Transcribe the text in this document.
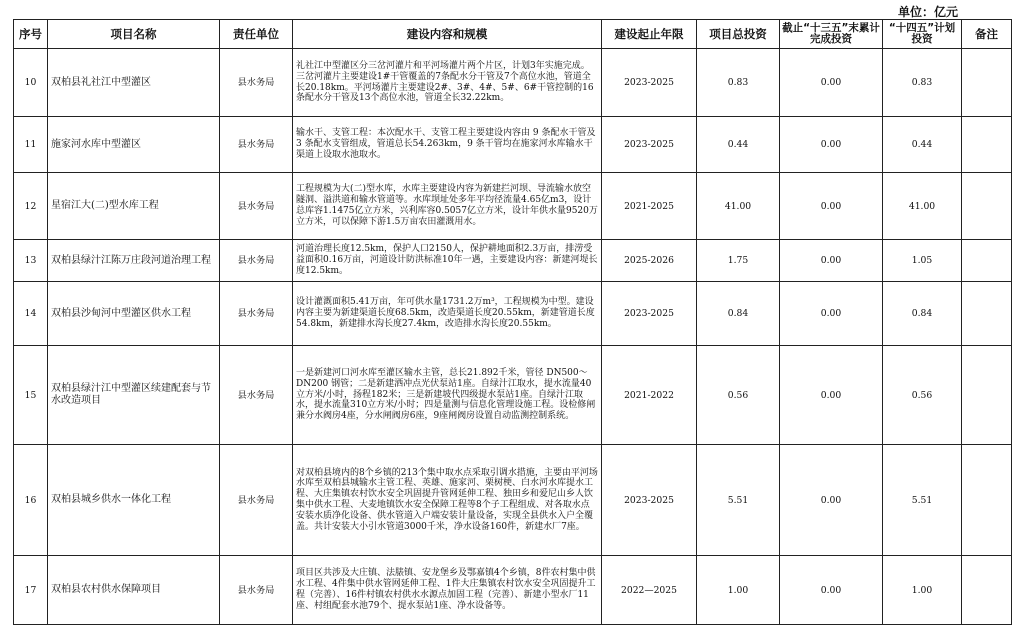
单位：亿元
序号	项目名称	责任单位	建设内容和规模	建设起止年限	项目总投资	截止“十三五”末累计完成投资	“十四五”计划投资	备注
10	双柏县礼社江中型灌区	县水务局	礼社江中型灌区分三岔河灌片和平河场灌片两个片区，计划3年实施完成。三岔河灌片主要建设1#干管覆盖的7条配水分干管及7个高位水池，管道全长20.18km。平河场灌片主要建设2#、3#、4#、5#、6#干管控制的16条配水分干管及13个高位水池，管道全长32.22km。	2023-2025	0.83	0.00	0.83	
11	施家河水库中型灌区	县水务局	输水干、支管工程：本次配水干、支管工程主要建设内容由 9 条配水干管及 3 条配水支管组成，管道总长54.263km，9 条干管均在施家河水库输水干渠道上设取水池取水。	2023-2025	0.44	0.00	0.44	
12	星宿江大(二)型水库工程	县水务局	工程规模为大(二)型水库，水库主要建设内容为新建拦河坝、导流输水放空隧洞、溢洪道和输水管道等。水库坝址处多年平均径流量4.65亿m3，设计总库容1.1475亿立方米，兴利库容0.5057亿立方米，设计年供水量9520万立方米，可以保障下游1.5万亩农田灌溉用水。	2021-2025	41.00	0.00	41.00	
13	双柏县绿汁江陈万庄段河道治理工程	县水务局	河道治理长度12.5km，保护人口2150人，保护耕地面积2.3万亩，排涝受益面积0.16万亩，河道设计防洪标准10年一遇，主要建设内容：新建河堤长度12.5km。	2025-2026	1.75	0.00	1.05	
14	双柏县沙甸河中型灌区供水工程	县水务局	设计灌溉面积5.41万亩，年可供水量1731.2万m³，工程规模为中型。建设内容主要为新建渠道长度68.5km，改造渠道长度20.55km，新建管道长度54.8km，新建排水沟长度27.4km，改造排水沟长度20.55km。	2023-2025	0.84	0.00	0.84	
15	双柏县绿汁江中型灌区续建配套与节水改造项目	县水务局	一是新建河口河水库至灌区输水主管，总长21.892千米，管径 DN500～DN200 钢管；二是新建洒冲点光伏泵站1座。自绿汁江取水，提水流量40立方米/小时，扬程182米；三是新建坡代四级提水泵站1座。自绿汁江取水，提水流量310立方米/小时；四是量测与信息化管理设施工程。设检修闸兼分水阀房4座，分水闸阀房6座，9座闸阀房设置自动监测控制系统。	2021-2022	0.56	0.00	0.56	
16	双柏县城乡供水一体化工程	县水务局	对双柏县境内的8个乡镇的213个集中取水点采取引调水措施，主要由平河场水库至双柏县城输水主管工程、英雄、施家河、栗树梗、白水河水库提水工程、大庄集镇农村饮水安全巩固提升管网延伸工程、独田乡和爱尼山乡人饮集中供水工程、大麦地镇饮水安全保障工程等8个子工程组成、对各取水点安装水质净化设备、供水管道入户端安装计量设备，实现全县供水入户全覆盖。共计安装大小引水管道3000千米，净水设备160件，新建水厂7座。	2023-2025	5.51	0.00	5.51	
17	双柏县农村供水保障项目	县水务局	项目区共涉及大庄镇、法脿镇、安龙堡乡及鄂嘉镇4个乡镇，8件农村集中供水工程、4件集中供水管网延伸工程、1件大庄集镇农村饮水安全巩固提升工程（完善）、16件村镇农村供水水源点加固工程（完善）、新建小型水厂11座、村组配套水池79个、提水泵站1座、净水设备等。	2022—2025	1.00	0.00	1.00	
